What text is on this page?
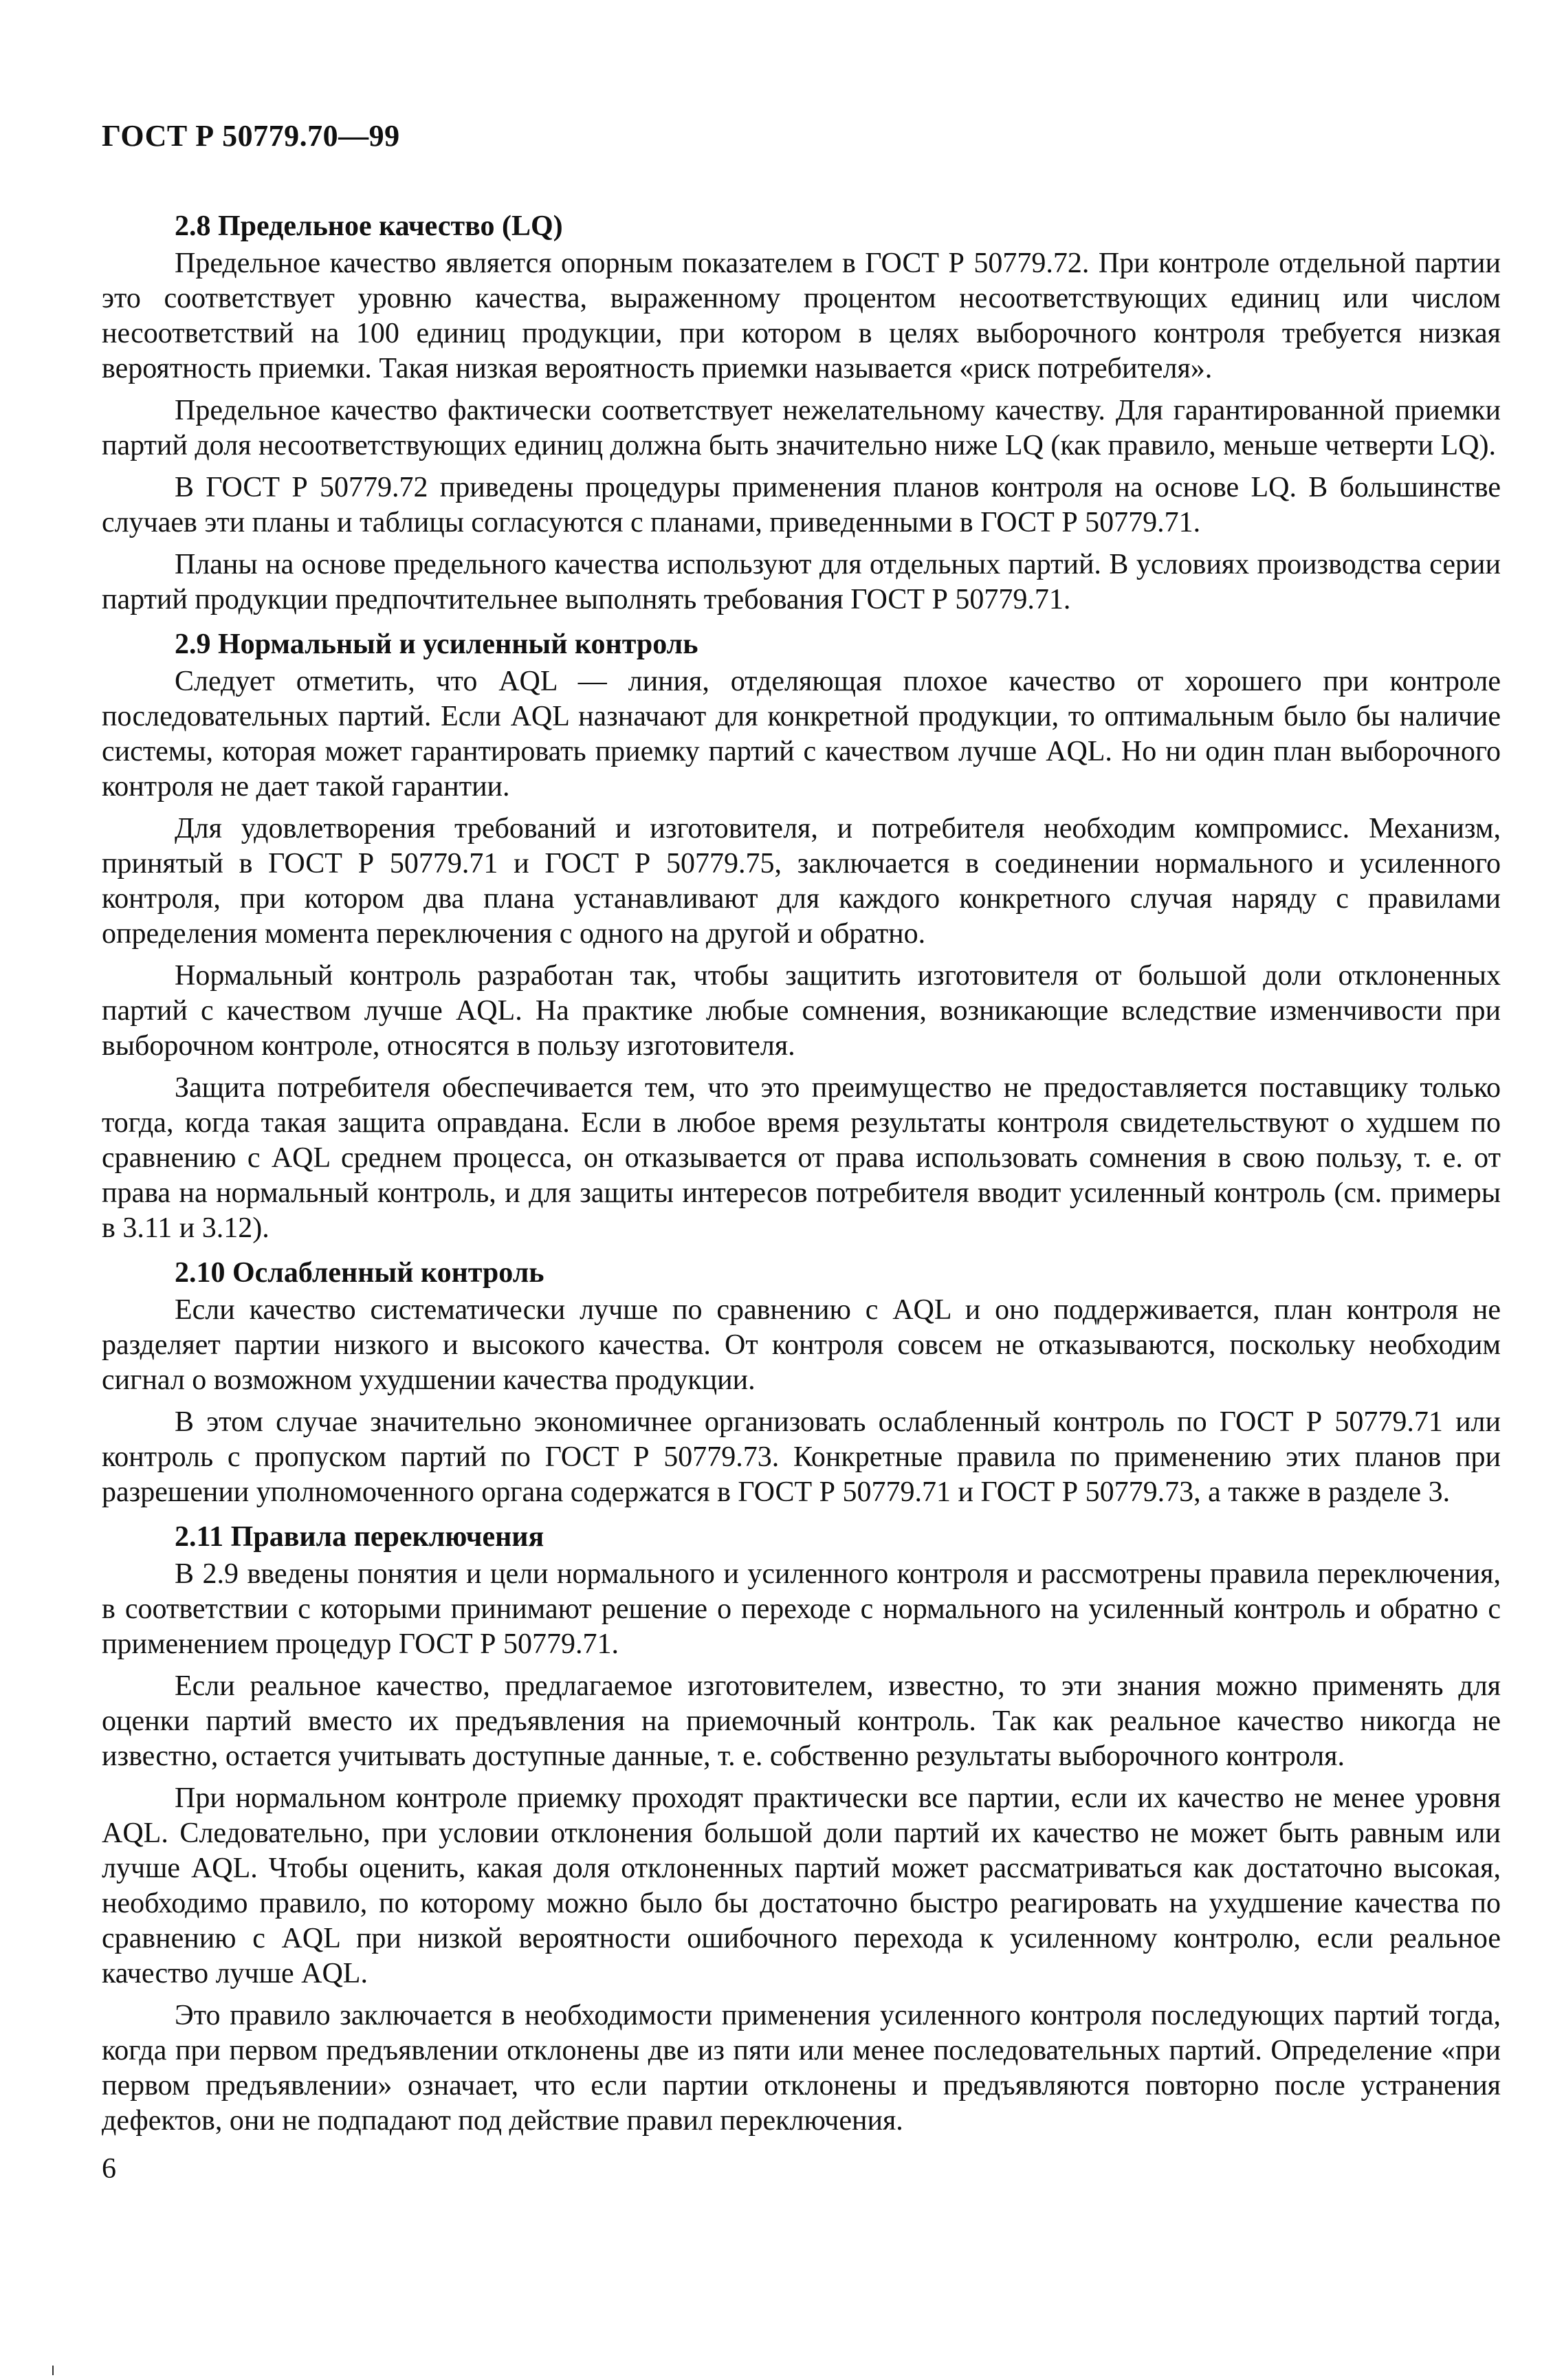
ГОСТ Р 50779.70—99
2.8 Предельное качество (LQ)

Предельное качество является опорным показателем в ГОСТ Р 50779.72. При контроле отдельной партии это соответствует уровню качества, выраженному процентом несоответствующих единиц или числом несоответствий на 100 единиц продукции, при котором в целях выборочного контроля требуется низкая вероятность приемки. Такая низкая вероятность приемки называется «риск потребителя».

Предельное качество фактически соответствует нежелательному качеству. Для гарантированной приемки партий доля несоответствующих единиц должна быть значительно ниже LQ (как правило, меньше четверти LQ).

В ГОСТ Р 50779.72 приведены процедуры применения планов контроля на основе LQ. В большинстве случаев эти планы и таблицы согласуются с планами, приведенными в ГОСТ Р 50779.71.

Планы на основе предельного качества используют для отдельных партий. В условиях производства серии партий продукции предпочтительнее выполнять требования ГОСТ Р 50779.71.

2.9 Нормальный и усиленный контроль

Следует отметить, что AQL — линия, отделяющая плохое качество от хорошего при контроле последовательных партий. Если AQL назначают для конкретной продукции, то оптимальным было бы наличие системы, которая может гарантировать приемку партий с качеством лучше AQL. Но ни один план выборочного контроля не дает такой гарантии.

Для удовлетворения требований и изготовителя, и потребителя необходим компромисс. Механизм, принятый в ГОСТ Р 50779.71 и ГОСТ Р 50779.75, заключается в соединении нормального и усиленного контроля, при котором два плана устанавливают для каждого конкретного случая наряду с правилами определения момента переключения с одного на другой и обратно.

Нормальный контроль разработан так, чтобы защитить изготовителя от большой доли отклоненных партий с качеством лучше AQL. На практике любые сомнения, возникающие вследствие изменчивости при выборочном контроле, относятся в пользу изготовителя.

Защита потребителя обеспечивается тем, что это преимущество не предоставляется поставщику только тогда, когда такая защита оправдана. Если в любое время результаты контроля свидетельствуют о худшем по сравнению с AQL среднем процесса, он отказывается от права использовать сомнения в свою пользу, т. е. от права на нормальный контроль, и для защиты интересов потребителя вводит усиленный контроль (см. примеры в 3.11 и 3.12).

2.10 Ослабленный контроль

Если качество систематически лучше по сравнению с AQL и оно поддерживается, план контроля не разделяет партии низкого и высокого качества. От контроля совсем не отказываются, поскольку необходим сигнал о возможном ухудшении качества продукции.

В этом случае значительно экономичнее организовать ослабленный контроль по ГОСТ Р 50779.71 или контроль с пропуском партий по ГОСТ Р 50779.73. Конкретные правила по применению этих планов при разрешении уполномоченного органа содержатся в ГОСТ Р 50779.71 и ГОСТ Р 50779.73, а также в разделе 3.

2.11 Правила переключения

В 2.9 введены понятия и цели нормального и усиленного контроля и рассмотрены правила переключения, в соответствии с которыми принимают решение о переходе с нормального на усиленный контроль и обратно с применением процедур ГОСТ Р 50779.71.

Если реальное качество, предлагаемое изготовителем, известно, то эти знания можно применять для оценки партий вместо их предъявления на приемочный контроль. Так как реальное качество никогда не известно, остается учитывать доступные данные, т. е. собственно результаты выборочного контроля.

При нормальном контроле приемку проходят практически все партии, если их качество не менее уровня AQL. Следовательно, при условии отклонения большой доли партий их качество не может быть равным или лучше AQL. Чтобы оценить, какая доля отклоненных партий может рассматриваться как достаточно высокая, необходимо правило, по которому можно было бы достаточно быстро реагировать на ухудшение качества по сравнению с AQL при низкой вероятности ошибочного перехода к усиленному контролю, если реальное качество лучше AQL.

Это правило заключается в необходимости применения усиленного контроля последующих партий тогда, когда при первом предъявлении отклонены две из пяти или менее последовательных партий. Определение «при первом предъявлении» означает, что если партии отклонены и предъявляются повторно после устранения дефектов, они не подпадают под действие правил переключения.

6
